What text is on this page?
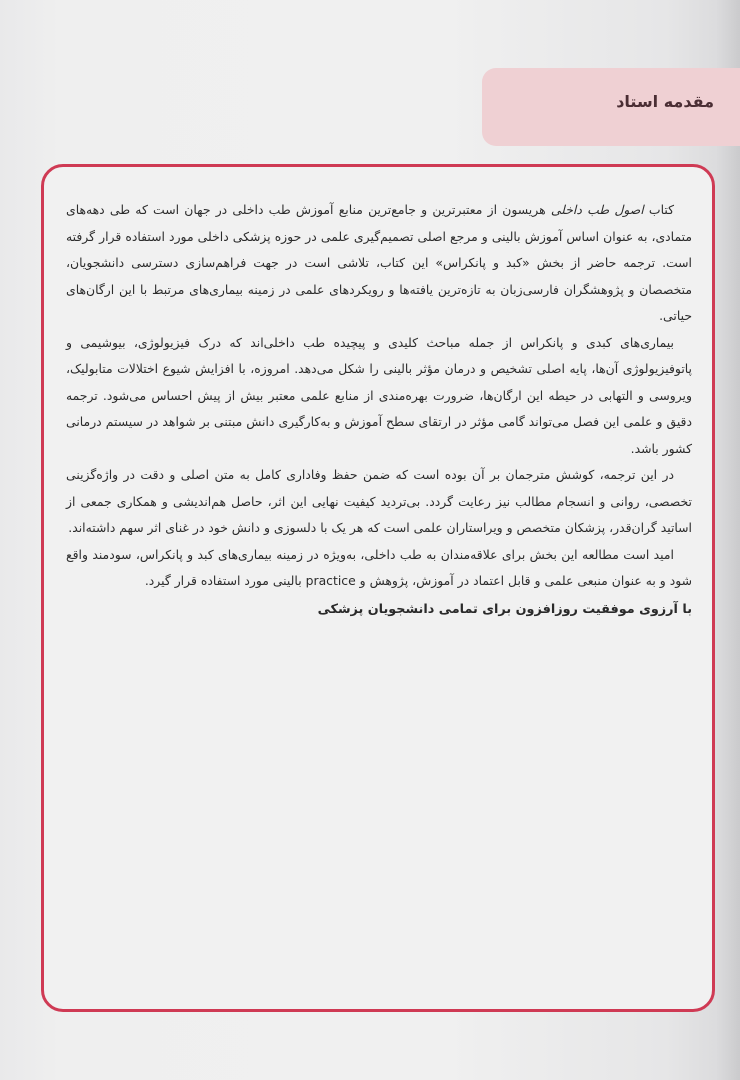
مقدمه استاد

کتاب اصول طب داخلی هریسون از معتبرترین و جامع‌ترین منابع آموزش طب داخلی در جهان است که طی دهه‌های متمادی، به عنوان اساس آموزش بالینی و مرجع اصلی تصمیم‌گیری علمی در حوزه پزشکی داخلی مورد استفاده قرار گرفته است. ترجمه حاضر از بخش «کبد و پانکراس» این کتاب، تلاشی است در جهت فراهم‌سازی دسترسی دانشجویان، متخصصان و پژوهشگران فارسی‌زبان به تازه‌ترین یافته‌ها و رویکردهای علمی در زمینه بیماری‌های مرتبط با این ارگان‌های حیاتی.

بیماری‌های کبدی و پانکراس از جمله مباحث کلیدی و پیچیده طب داخلی‌اند که درک فیزیولوژی، بیوشیمی و پاتوفیزیولوژی آن‌ها، پایه اصلی تشخیص و درمان مؤثر بالینی را شکل می‌دهد. امروزه، با افزایش شیوع اختلالات متابولیک، ویروسی و التهابی در حیطه این ارگان‌ها، ضرورت بهره‌مندی از منابع علمی معتبر بیش از پیش احساس می‌شود. ترجمه دقیق و علمی این فصل می‌تواند گامی مؤثر در ارتقای سطح آموزش و به‌کارگیری دانش مبتنی بر شواهد در سیستم درمانی کشور باشد.

در این ترجمه، کوشش مترجمان بر آن بوده است که ضمن حفظ وفاداری کامل به متن اصلی و دقت در واژه‌گزینی تخصصی، روانی و انسجام مطالب نیز رعایت گردد. بی‌تردید کیفیت نهایی این اثر، حاصل هم‌اندیشی و همکاری جمعی از اساتید گران‌قدر، پزشکان متخصص و ویراستاران علمی است که هر یک با دلسوزی و دانش خود در غنای اثر سهم داشته‌اند.

امید است مطالعه این بخش برای علاقه‌مندان به طب داخلی، به‌ویژه در زمینه بیماری‌های کبد و پانکراس، سودمند واقع شود و به عنوان منبعی علمی و قابل اعتماد در آموزش، پژوهش و practice بالینی مورد استفاده قرار گیرد.

با آرزوی موفقیت روزافزون برای تمامی دانشجویان پزشکی
